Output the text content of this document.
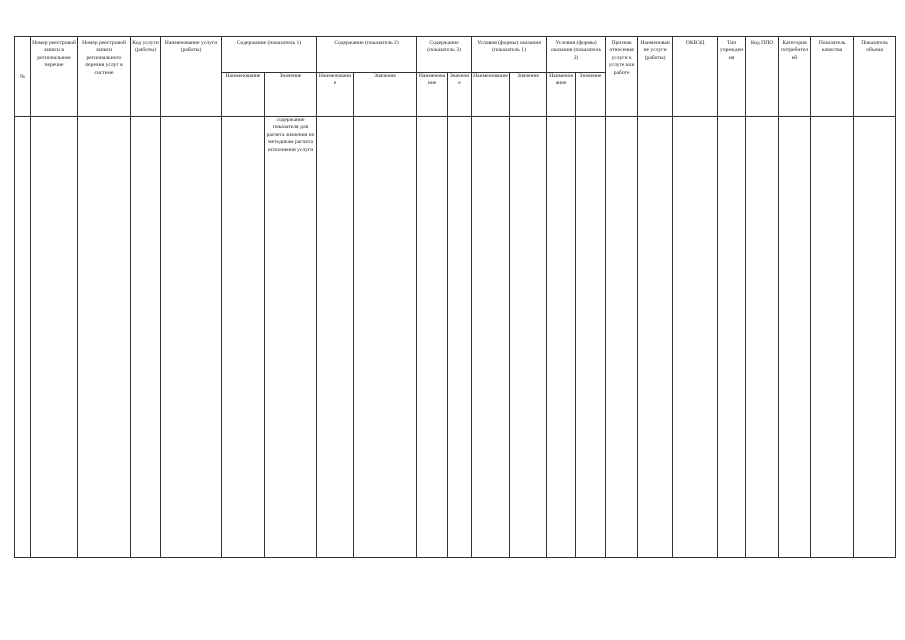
№	Номер реестровой записи в региональном перечне	Номер реестровой записи регионального перечня услуг в системе	Код услуги (работы)	Наименование услуги (работы)	Содержание (показатель 1)		Содержание (показатель 2)		Содержание (показатель 3)		Условия (формы) оказания (показатель 1)		Условия (формы) оказания (показатель 2)		Признак отнесения услуги к услуге или работе	Наименование услуги (работы)	ОКВЭД	Тип учреждения	Код ППО	Категория потребителей	Показатель качества	Показатель объема
					Наименование	Значение	Наименование	Значение	Наименование	Значение	Наименование	Значение	Наименование	Значение								
						содержание показателя для расчета значения по методикам расчета исполнения услуги																
